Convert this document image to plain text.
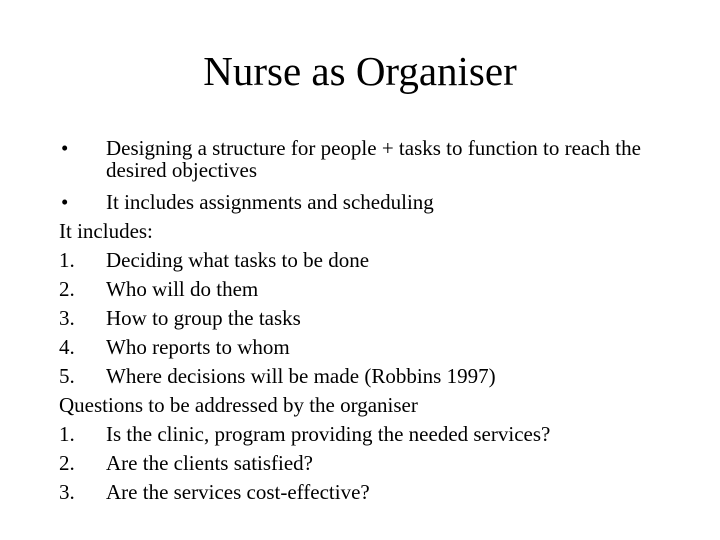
Nurse as Organiser
•	Designing a structure for people + tasks to function to reach the desired objectives
•	It includes assignments and scheduling
It includes:
1.	Deciding what tasks to be done
2.	Who will do them
3.	How to group the tasks
4.	Who reports to whom
5.	Where decisions will be made (Robbins 1997)
Questions to be addressed by the organiser
1.	Is the clinic, program providing the needed services?
2.	Are the clients satisfied?
3.	Are the services cost-effective?
